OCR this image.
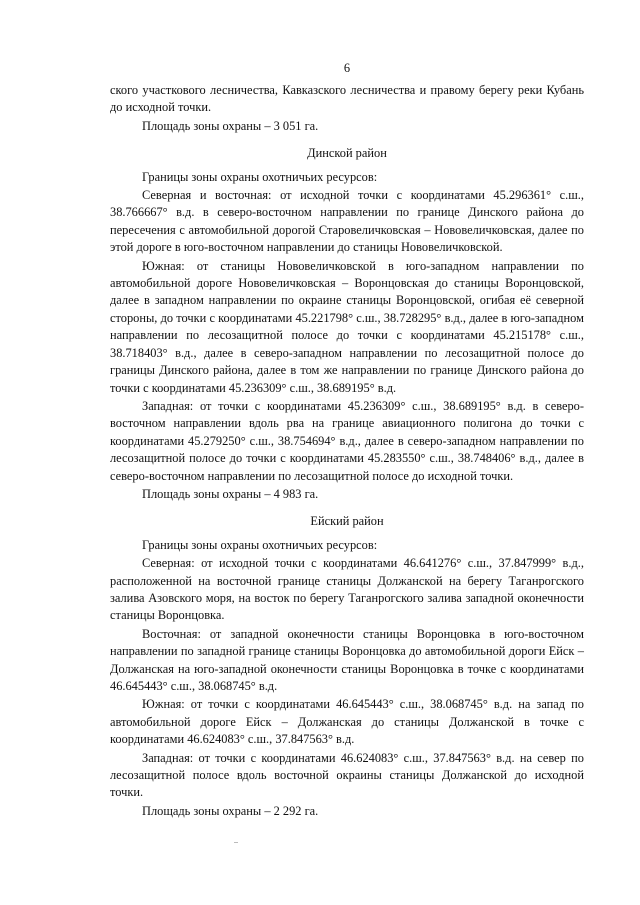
6

ского участкового лесничества, Кавказского лесничества и правому берегу реки Кубань до исходной точки.

Площадь зоны охраны – 3 051 га.

Динской район

Границы зоны охраны охотничьих ресурсов:

Северная и восточная: от исходной точки с координатами 45.296361° с.ш., 38.766667° в.д. в северо-восточном направлении по границе Динского района до пересечения с автомобильной дорогой Старовеличковская – Нововеличковская, далее по этой дороге в юго-восточном направлении до станицы Нововеличковской.

Южная: от станицы Нововеличковской в юго-западном направлении по автомобильной дороге Нововеличковская – Воронцовская до станицы Воронцовской, далее в западном направлении по окраине станицы Воронцовской, огибая её северной стороны, до точки с координатами 45.221798° с.ш., 38.728295° в.д., далее в юго-западном направлении по лесозащитной полосе до точки с координатами 45.215178° с.ш., 38.718403° в.д., далее в северо-западном направлении по лесозащитной полосе до границы Динского района, далее в том же направлении по границе Динского района до точки с координатами 45.236309° с.ш., 38.689195° в.д.

Западная: от точки с координатами 45.236309° с.ш., 38.689195° в.д. в северо-восточном направлении вдоль рва на границе авиационного полигона до точки с координатами 45.279250° с.ш., 38.754694° в.д., далее в северо-западном направлении по лесозащитной полосе до точки с координатами 45.283550° с.ш., 38.748406° в.д., далее в северо-восточном направлении по лесозащитной полосе до исходной точки.

Площадь зоны охраны – 4 983 га.

Ейский район

Границы зоны охраны охотничьих ресурсов:

Северная: от исходной точки с координатами 46.641276° с.ш., 37.847999° в.д., расположенной на восточной границе станицы Должанской на берегу Таганрогского залива Азовского моря, на восток по берегу Таганрогского залива западной оконечности станицы Воронцовка.

Восточная: от западной оконечности станицы Воронцовка в юго-восточном направлении по западной границе станицы Воронцовка до автомобильной дороги Ейск – Должанская на юго-западной оконечности станицы Воронцовка в точке с координатами 46.645443° с.ш., 38.068745° в.д.

Южная: от точки с координатами 46.645443° с.ш., 38.068745° в.д. на запад по автомобильной дороге Ейск – Должанская до станицы Должанской в точке с координатами 46.624083° с.ш., 37.847563° в.д.

Западная: от точки с координатами 46.624083° с.ш., 37.847563° в.д. на север по лесозащитной полосе вдоль восточной окраины станицы Должанской до исходной точки.

Площадь зоны охраны – 2 292 га.
